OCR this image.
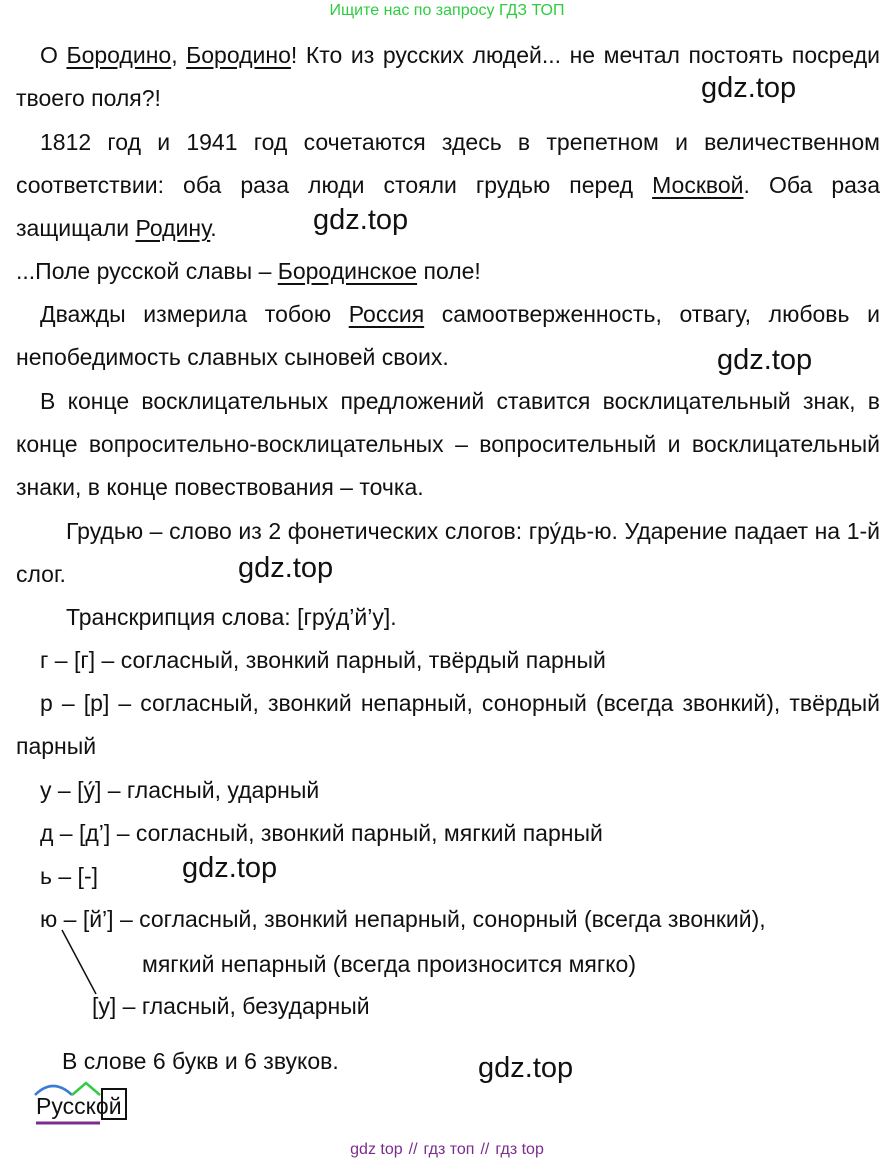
Ищите нас по запросу ГДЗ ТОП
О Бородино, Бородино! Кто из русских людей... не мечтал постоять посреди твоего поля?!	gdz.top
1812 год и 1941 год сочетаются здесь в трепетном и величественном соответствии: оба раза люди стояли грудью перед Москвой. Оба раза защищали Родину.	gdz.top
...Поле русской славы – Бородинское поле!
Дважды измерила тобою Россия самоотверженность, отвагу, любовь и непобедимость славных сыновей своих.	gdz.top
В конце восклицательных предложений ставится восклицательный знак, в конце вопросительно-восклицательных – вопросительный и восклицательный знаки, в конце повествования – точка.
Грудью – слово из 2 фонетических слогов: гру́дь-ю. Ударение падает на 1-й слог.	gdz.top
Транскрипция слова: [гру́д’й’у].
г – [г] – согласный, звонкий парный, твёрдый парный
р – [р] – согласный, звонкий непарный, сонорный (всегда звонкий), твёрдый парный
у – [у́] – гласный, ударный
д – [д’] – согласный, звонкий парный, мягкий парный
ь – [-]	gdz.top
ю – [й’] – согласный, звонкий непарный, сонорный (всегда звонкий),
мягкий непарный (всегда произносится мягко)
[у] – гласный, безударный
В слове 6 букв и 6 звуков.	gdz.top
Русской
gdz top // гдз топ // гдз top
